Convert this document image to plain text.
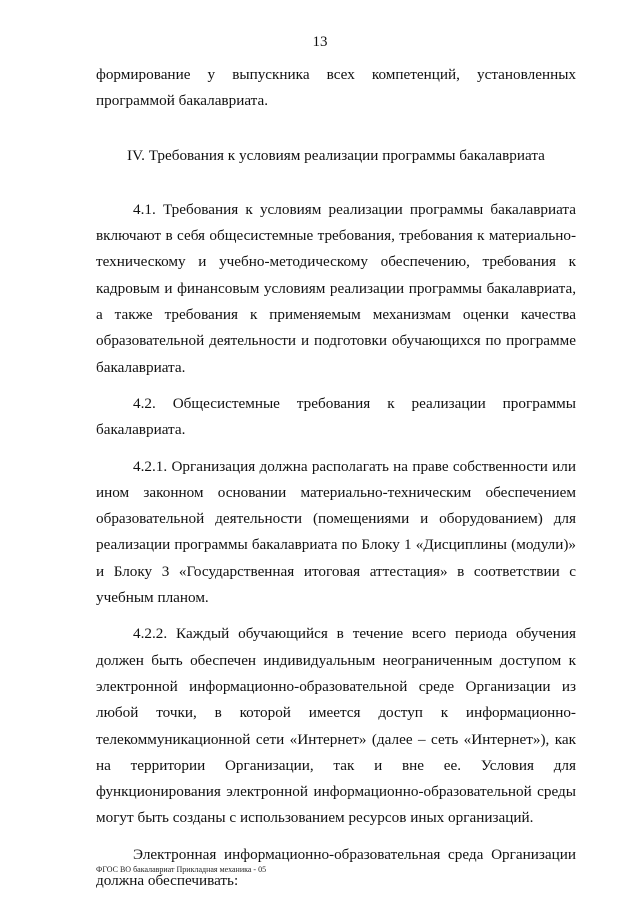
13

формирование у выпускника всех компетенций, установленных программой бакалавриата.

IV. Требования к условиям реализации программы бакалавриата

4.1. Требования к условиям реализации программы бакалавриата включают в себя общесистемные требования, требования к материально-техническому и учебно-методическому обеспечению, требования к кадровым и финансовым условиям реализации программы бакалавриата, а также требования к применяемым механизмам оценки качества образовательной деятельности и подготовки обучающихся по программе бакалавриата.

4.2. Общесистемные требования к реализации программы бакалавриата.

4.2.1. Организация должна располагать на праве собственности или ином законном основании материально-техническим обеспечением образовательной деятельности (помещениями и оборудованием) для реализации программы бакалавриата по Блоку 1 «Дисциплины (модули)» и Блоку 3 «Государственная итоговая аттестация» в соответствии с учебным планом.

4.2.2. Каждый обучающийся в течение всего периода обучения должен быть обеспечен индивидуальным неограниченным доступом к электронной информационно-образовательной среде Организации из любой точки, в которой имеется доступ к информационно-телекоммуникационной сети «Интернет» (далее – сеть «Интернет»), как на территории Организации, так и вне ее. Условия для функционирования электронной информационно-образовательной среды могут быть созданы с использованием ресурсов иных организаций.

Электронная информационно-образовательная среда Организации должна обеспечивать:

ФГОС ВО бакалавриат Прикладная механика - 05
